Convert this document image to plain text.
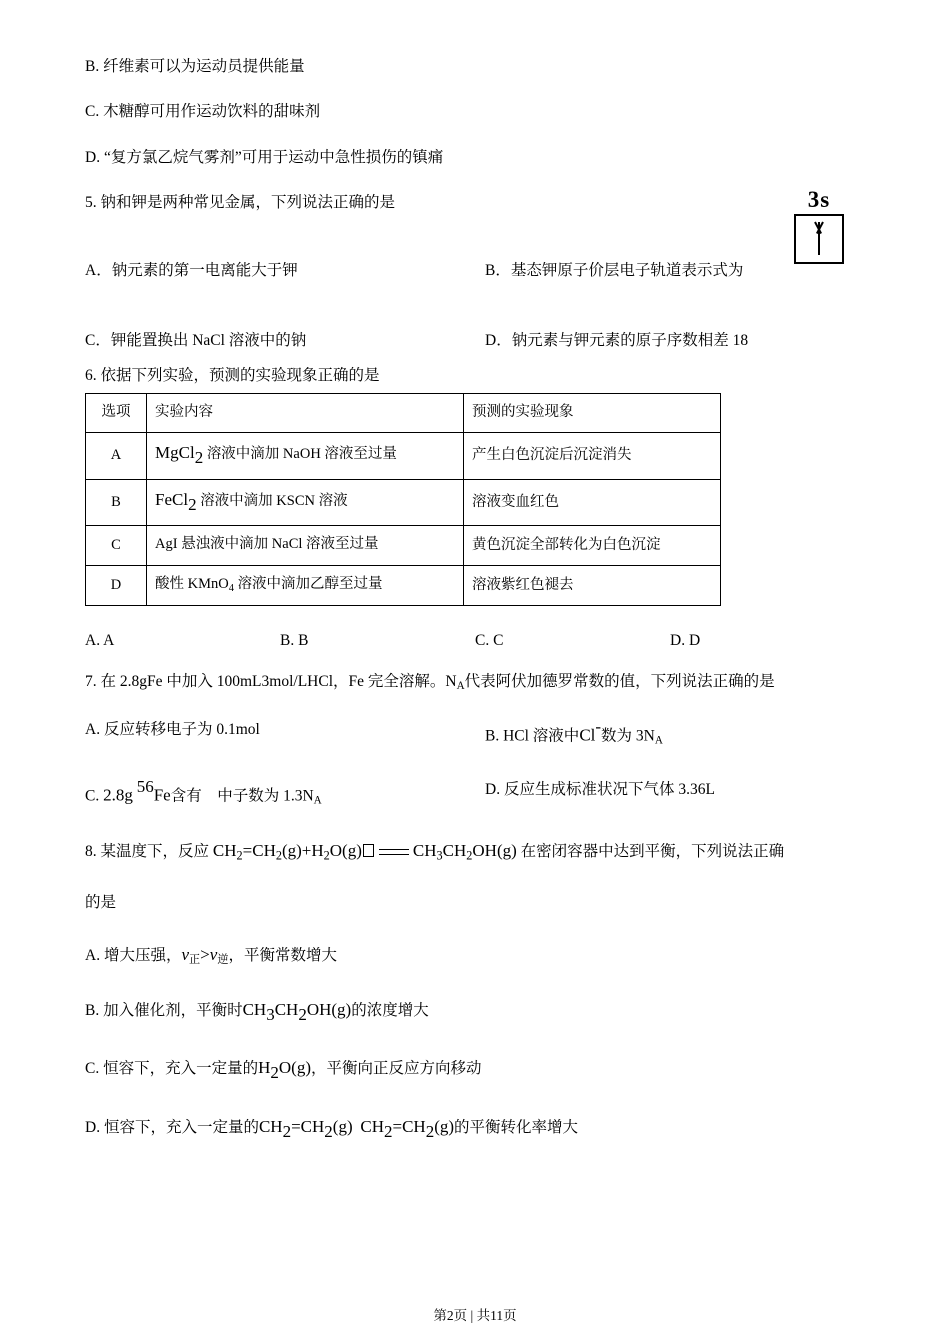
B. 纤维素可以为运动员提供能量
C. 木糖醇可用作运动饮料的甜味剂
D. “复方氯乙烷气雾剂”可用于运动中急性损伤的镇痛
5. 钠和钾是两种常见金属，下列说法正确的是	3s
A．钠元素的第一电离能大于钾	B．基态钾原子价层电子轨道表示式为
C．钾能置换出 NaCl 溶液中的钠	D．钠元素与钾元素的原子序数相差 18
6. 依据下列实验，预测的实验现象正确的是
选项	实验内容	预测的实验现象
A	MgCl2 溶液中滴加 NaOH 溶液至过量	产生白色沉淀后沉淀消失
B	FeCl2 溶液中滴加 KSCN 溶液	溶液变血红色
C	AgI 悬浊液中滴加 NaCl 溶液至过量	黄色沉淀全部转化为白色沉淀
D	酸性 KMnO$_4$ 溶液中滴加乙醇至过量	溶液紫红色褪去
A. A	B. B	C. C	D. D
7. 在 2.8gFe 中加入 100mL3mol/LHCl，Fe 完全溶解。$N_A$代表阿伏加德罗常数的值，下列说法正确的是
A. 反应转移电子为 0.1mol	B. HCl 溶液中Cl-数为 $3N_A$
C. 2.8g 56Fe含有　中子数为 $1.3N_A$
D. 反应生成标准状况下气体 3.36L
8. 某温度下，反应 $CH_2=CH_2(g)+H_2O(g)$	$CH_3CH_2OH(g)$ 在密闭容器中达到平衡，下列说法正确
的是
A. 增大压强，$v_正>v_逆$，平衡常数增大
B. 加入催化剂，平衡时CH3CH2OH(g)的浓度增大
C. 恒容下，充入一定量的H2O(g)，平衡向正反应方向移动
D. 恒容下，充入一定量的CH2=CH2(g) CH2=CH2(g)的平衡转化率增大
第2页 | 共11页
